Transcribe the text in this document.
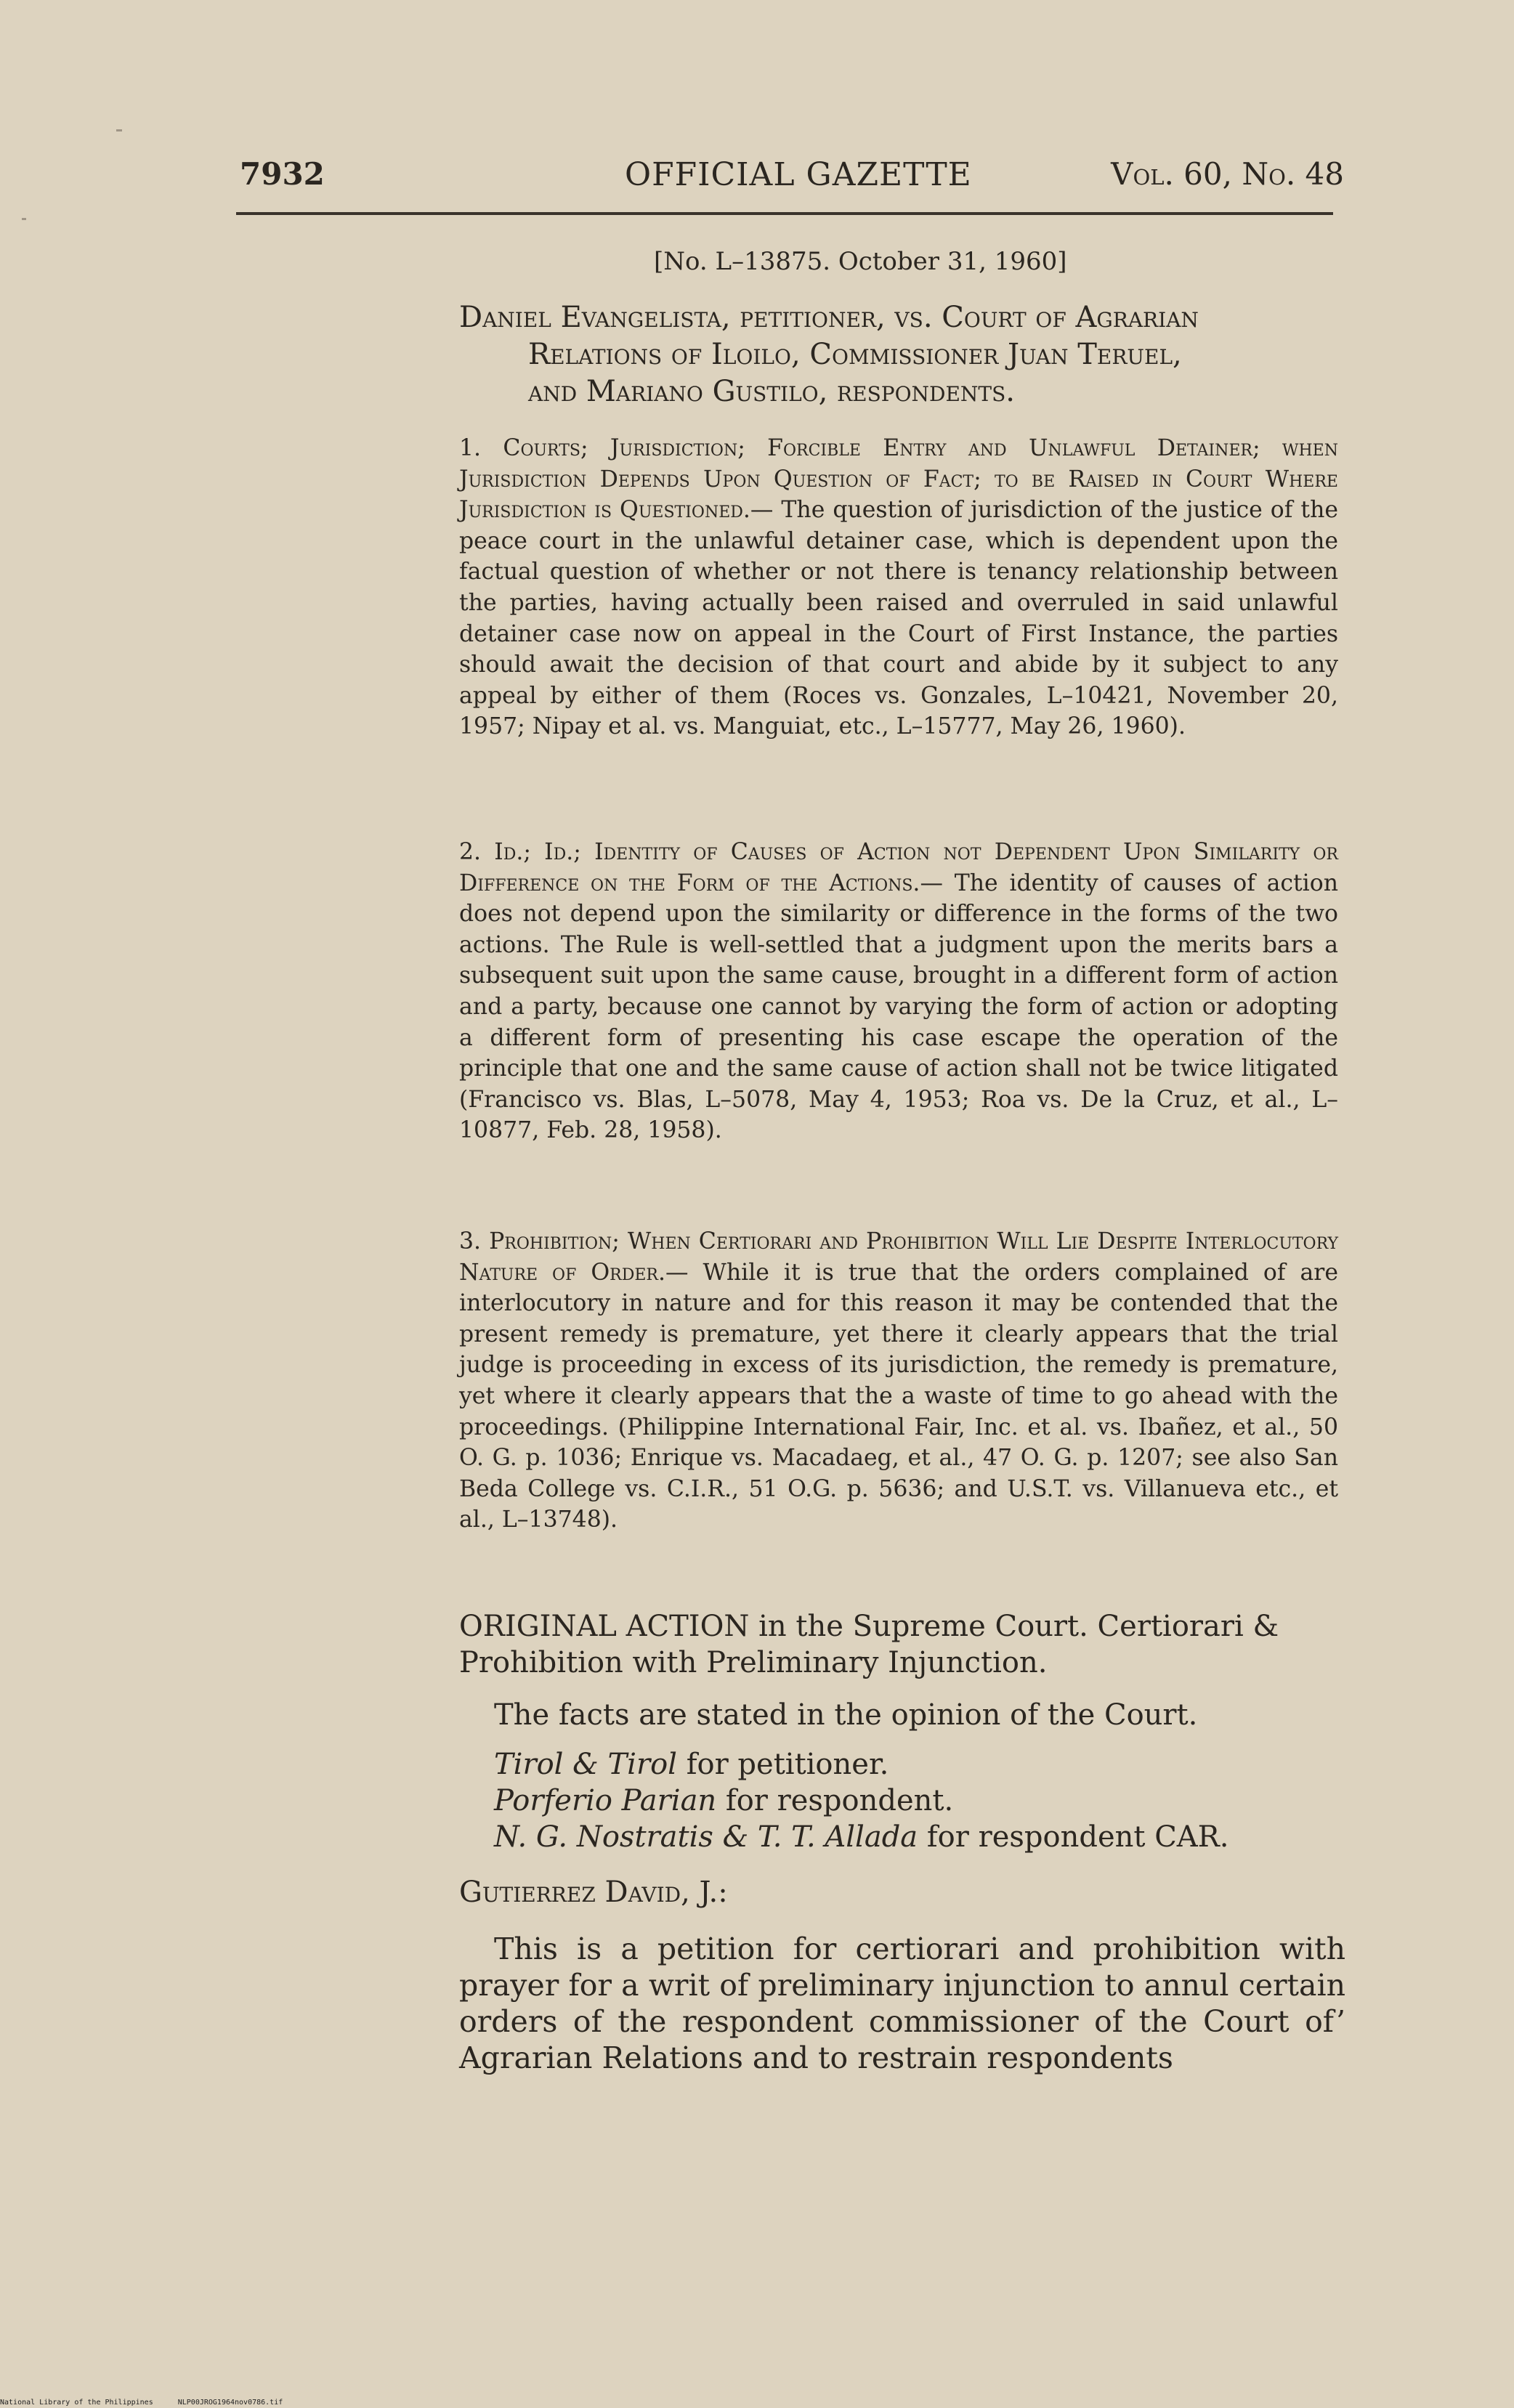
7932	OFFICIAL GAZETTE	Vol. 60, No. 48
[No. L–13875. October 31, 1960]
Daniel Evangelista, petitioner, vs. Court of Agrarian
Relations of Iloilo, Commissioner Juan Teruel,
and Mariano Gustilo, respondents.
1. Courts; Jurisdiction; Forcible Entry and Unlawful Detainer; when Jurisdiction Depends Upon Question of Fact; to be Raised in Court Where Jurisdiction is Questioned.— The question of jurisdiction of the justice of the peace court in the unlawful detainer case, which is dependent upon the factual question of whether or not there is tenancy relationship between the parties, having actually been raised and overruled in said unlawful detainer case now on appeal in the Court of First Instance, the parties should await the decision of that court and abide by it subject to any appeal by either of them (Roces vs. Gonzales, L–10421, November 20, 1957; Nipay et al. vs. Manguiat, etc., L–15777, May 26, 1960).
2. Id.; Id.; Identity of Causes of Action not Dependent Upon Similarity or Difference on the Form of the Actions.— The identity of causes of action does not depend upon the similarity or difference in the forms of the two actions. The Rule is well-settled that a judgment upon the merits bars a subsequent suit upon the same cause, brought in a different form of action and a party, because one cannot by varying the form of action or adopting a different form of presenting his case escape the operation of the principle that one and the same cause of action shall not be twice litigated (Francisco vs. Blas, L–5078, May 4, 1953; Roa vs. De la Cruz, et al., L–10877, Feb. 28, 1958).
3. Prohibition; When Certiorari and Prohibition Will Lie Despite Interlocutory Nature of Order.— While it is true that the orders complained of are interlocutory in nature and for this reason it may be contended that the present remedy is premature, yet there it clearly appears that the trial judge is proceeding in excess of its jurisdiction, the remedy is premature, yet where it clearly appears that the a waste of time to go ahead with the proceedings. (Philippine International Fair, Inc. et al. vs. Ibañez, et al., 50 O. G. p. 1036; Enrique vs. Macadaeg, et al., 47 O. G. p. 1207; see also San Beda College vs. C.I.R., 51 O.G. p. 5636; and U.S.T. vs. Villanueva etc., et al., L–13748).
ORIGINAL ACTION in the Supreme Court. Certiorari & Prohibition with Preliminary Injunction.
The facts are stated in the opinion of the Court.
Tirol & Tirol for petitioner.
Porferio Parian for respondent.
N. G. Nostratis & T. T. Allada for respondent CAR.
Gutierrez David, J.:
This is a petition for certiorari and prohibition with prayer for a writ of preliminary injunction to annul certain orders of the respondent commissioner of the Court of’ Agrarian Relations and to restrain respondents
National Library of the Philippines	NLP00JROG1964nov0786.tif
